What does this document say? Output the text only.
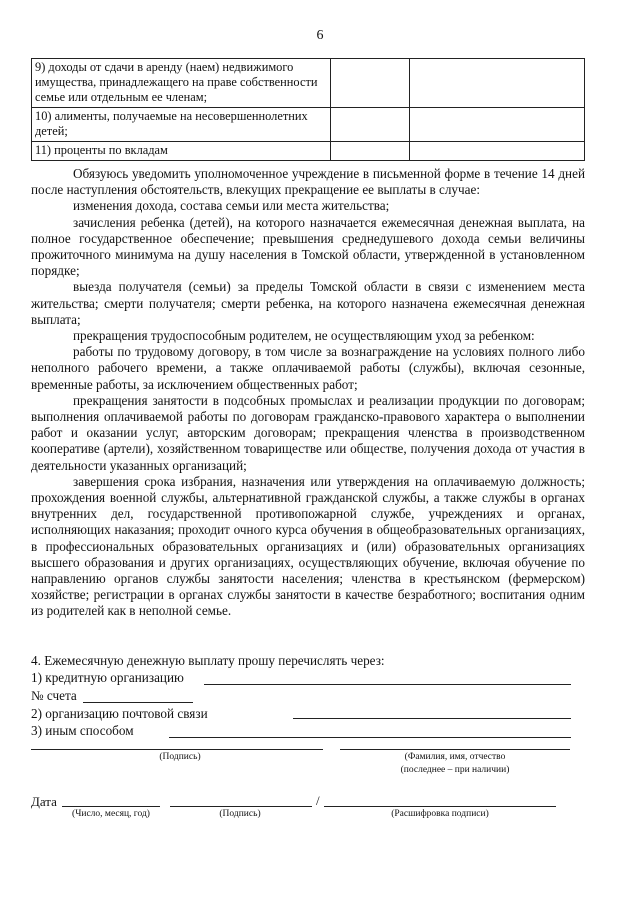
6
9) доходы от сдачи в аренду (наем) недвижимого имущества, принадлежащего на праве собственности семье или отдельным ее членам;		
10) алименты, получаемые на несовершеннолетних детей;		
11) проценты по вкладам		

Обязуюсь уведомить уполномоченное учреждение в письменной форме в течение 14 дней после наступления обстоятельств, влекущих прекращение ее выплаты в случае:

изменения дохода, состава семьи или места жительства;

зачисления ребенка (детей), на которого назначается ежемесячная денежная выплата, на полное государственное обеспечение; превышения среднедушевого дохода семьи величины прожиточного минимума на душу населения в Томской области, утвержденной в установленном порядке;

выезда получателя (семьи) за пределы Томской области в связи с изменением места жительства; смерти получателя; смерти ребенка, на которого назначена ежемесячная денежная выплата;

прекращения трудоспособным родителем, не осуществляющим уход за ребенком:

работы по трудовому договору, в том числе за вознаграждение на условиях полного либо неполного рабочего времени, а также оплачиваемой работы (службы), включая сезонные, временные работы, за исключением общественных работ;

прекращения занятости в подсобных промыслах и реализации продукции по договорам; выполнения оплачиваемой работы по договорам гражданско-правового характера о выполнении работ и оказании услуг, авторским договорам; прекращения членства в производственном кооперативе (артели), хозяйственном товариществе или обществе, получения дохода от участия в деятельности указанных организаций;

завершения срока избрания, назначения или утверждения на оплачиваемую должность; прохождения военной службы, альтернативной гражданской службы, а также службы в органах внутренних дел, государственной противопожарной службе, учреждениях и органах, исполняющих наказания; проходит очного курса обучения в общеобразовательных организациях, в профессиональных образовательных организациях и (или) образовательных организациях высшего образования и других организациях, осуществляющих обучение, включая обучение по направлению органов службы занятости населения; членства в крестьянском (фермерском) хозяйстве; регистрации в органах службы занятости в качестве безработного; воспитания одним из родителей как в неполной семье.

4. Ежемесячную денежную выплату прошу перечислять через:
1) кредитную организацию
№ счета
2) организацию почтовой связи
3) иным способом
(Подпись)	(Фамилия, имя, отчество
(последнее – при наличии)
Дата	/
(Число, месяц, год)	(Подпись)	(Расшифровка подписи)
